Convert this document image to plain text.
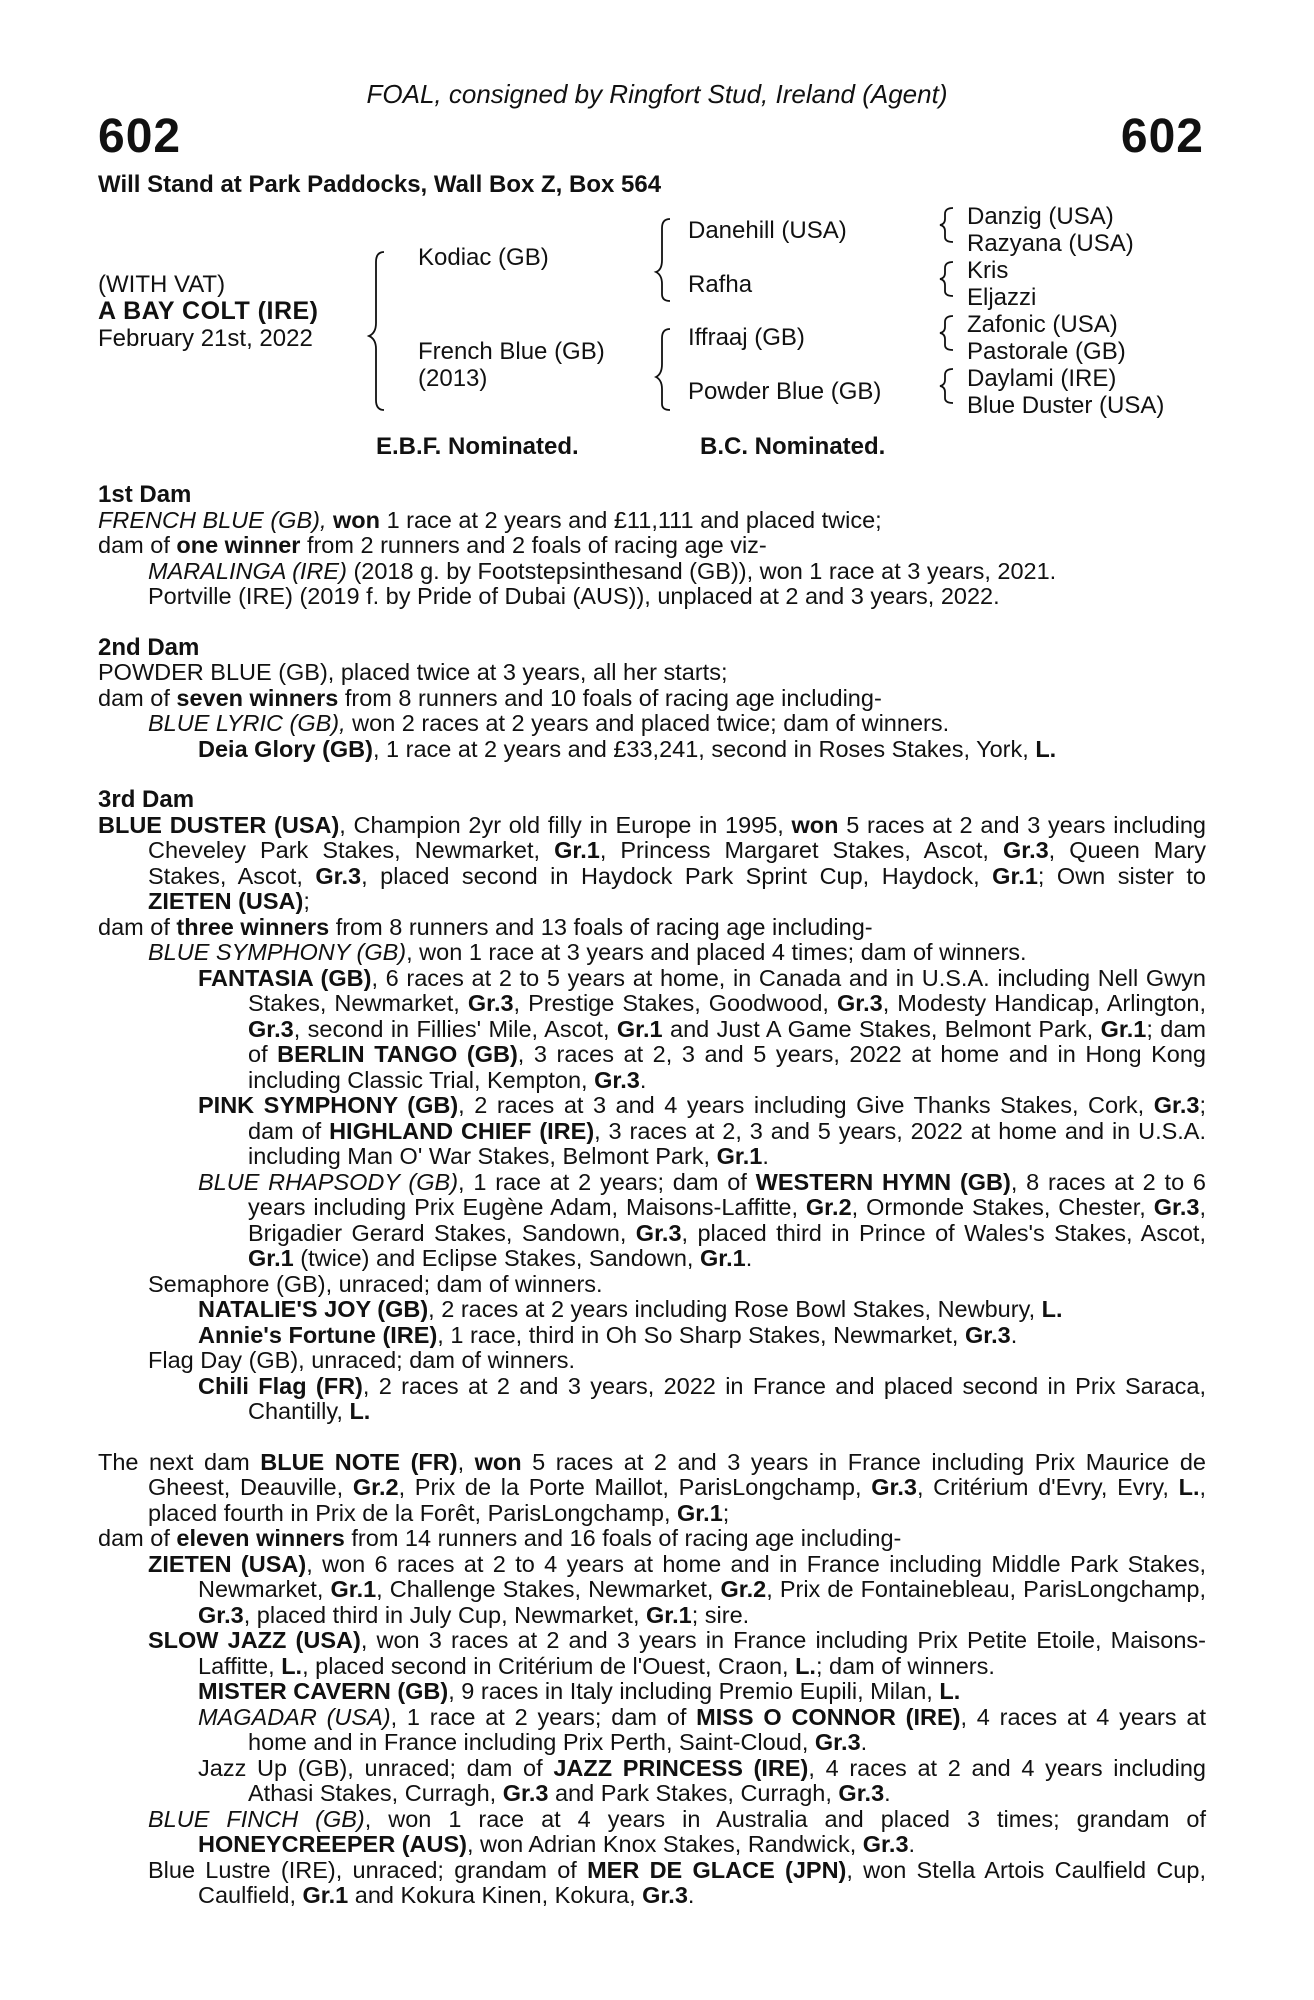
FOAL, consigned by Ringfort Stud, Ireland (Agent)
602	602
Will Stand at Park Paddocks, Wall Box Z, Box 564
(WITH VAT)
A BAY COLT (IRE)
February 21st, 2022
Kodiac (GB)
French Blue (GB)
(2013)
Danehill (USA)
Rafha
Iffraaj (GB)
Powder Blue (GB)
Danzig (USA)
Razyana (USA)
Kris
Eljazzi
Zafonic (USA)
Pastorale (GB)
Daylami (IRE)
Blue Duster (USA)
E.B.F. Nominated.	B.C. Nominated.
1st Dam
FRENCH BLUE (GB), won 1 race at 2 years and £11,111 and placed twice;
dam of one winner from 2 runners and 2 foals of racing age viz-
MARALINGA (IRE) (2018 g. by Footstepsinthesand (GB)), won 1 race at 3 years, 2021.
Portville (IRE) (2019 f. by Pride of Dubai (AUS)), unplaced at 2 and 3 years, 2022.
2nd Dam
POWDER BLUE (GB), placed twice at 3 years, all her starts;
dam of seven winners from 8 runners and 10 foals of racing age including-
BLUE LYRIC (GB), won 2 races at 2 years and placed twice; dam of winners.
Deia Glory (GB), 1 race at 2 years and £33,241, second in Roses Stakes, York, L.
3rd Dam
BLUE DUSTER (USA), Champion 2yr old filly in Europe in 1995, won 5 races at 2 and 3 years including Cheveley Park Stakes, Newmarket, Gr.1, Princess Margaret Stakes, Ascot, Gr.3, Queen Mary Stakes, Ascot, Gr.3, placed second in Haydock Park Sprint Cup, Haydock, Gr.1; Own sister to ZIETEN (USA);
dam of three winners from 8 runners and 13 foals of racing age including-
BLUE SYMPHONY (GB), won 1 race at 3 years and placed 4 times; dam of winners.
FANTASIA (GB), 6 races at 2 to 5 years at home, in Canada and in U.S.A. including Nell Gwyn Stakes, Newmarket, Gr.3, Prestige Stakes, Goodwood, Gr.3, Modesty Handicap, Arlington, Gr.3, second in Fillies' Mile, Ascot, Gr.1 and Just A Game Stakes, Belmont Park, Gr.1; dam of BERLIN TANGO (GB), 3 races at 2, 3 and 5 years, 2022 at home and in Hong Kong including Classic Trial, Kempton, Gr.3.
PINK SYMPHONY (GB), 2 races at 3 and 4 years including Give Thanks Stakes, Cork, Gr.3; dam of HIGHLAND CHIEF (IRE), 3 races at 2, 3 and 5 years, 2022 at home and in U.S.A. including Man O' War Stakes, Belmont Park, Gr.1.
BLUE RHAPSODY (GB), 1 race at 2 years; dam of WESTERN HYMN (GB), 8 races at 2 to 6 years including Prix Eugène Adam, Maisons-Laffitte, Gr.2, Ormonde Stakes, Chester, Gr.3, Brigadier Gerard Stakes, Sandown, Gr.3, placed third in Prince of Wales's Stakes, Ascot, Gr.1 (twice) and Eclipse Stakes, Sandown, Gr.1.
Semaphore (GB), unraced; dam of winners.
NATALIE'S JOY (GB), 2 races at 2 years including Rose Bowl Stakes, Newbury, L.
Annie's Fortune (IRE), 1 race, third in Oh So Sharp Stakes, Newmarket, Gr.3.
Flag Day (GB), unraced; dam of winners.
Chili Flag (FR), 2 races at 2 and 3 years, 2022 in France and placed second in Prix Saraca, Chantilly, L.
The next dam BLUE NOTE (FR), won 5 races at 2 and 3 years in France including Prix Maurice de Gheest, Deauville, Gr.2, Prix de la Porte Maillot, ParisLongchamp, Gr.3, Critérium d'Evry, Evry, L., placed fourth in Prix de la Forêt, ParisLongchamp, Gr.1;
dam of eleven winners from 14 runners and 16 foals of racing age including-
ZIETEN (USA), won 6 races at 2 to 4 years at home and in France including Middle Park Stakes, Newmarket, Gr.1, Challenge Stakes, Newmarket, Gr.2, Prix de Fontainebleau, ParisLongchamp, Gr.3, placed third in July Cup, Newmarket, Gr.1; sire.
SLOW JAZZ (USA), won 3 races at 2 and 3 years in France including Prix Petite Etoile, Maisons-Laffitte, L., placed second in Critérium de l'Ouest, Craon, L.; dam of winners.
MISTER CAVERN (GB), 9 races in Italy including Premio Eupili, Milan, L.
MAGADAR (USA), 1 race at 2 years; dam of MISS O CONNOR (IRE), 4 races at 4 years at home and in France including Prix Perth, Saint-Cloud, Gr.3.
Jazz Up (GB), unraced; dam of JAZZ PRINCESS (IRE), 4 races at 2 and 4 years including Athasi Stakes, Curragh, Gr.3 and Park Stakes, Curragh, Gr.3.
BLUE FINCH (GB), won 1 race at 4 years in Australia and placed 3 times; grandam of HONEYCREEPER (AUS), won Adrian Knox Stakes, Randwick, Gr.3.
Blue Lustre (IRE), unraced; grandam of MER DE GLACE (JPN), won Stella Artois Caulfield Cup, Caulfield, Gr.1 and Kokura Kinen, Kokura, Gr.3.
